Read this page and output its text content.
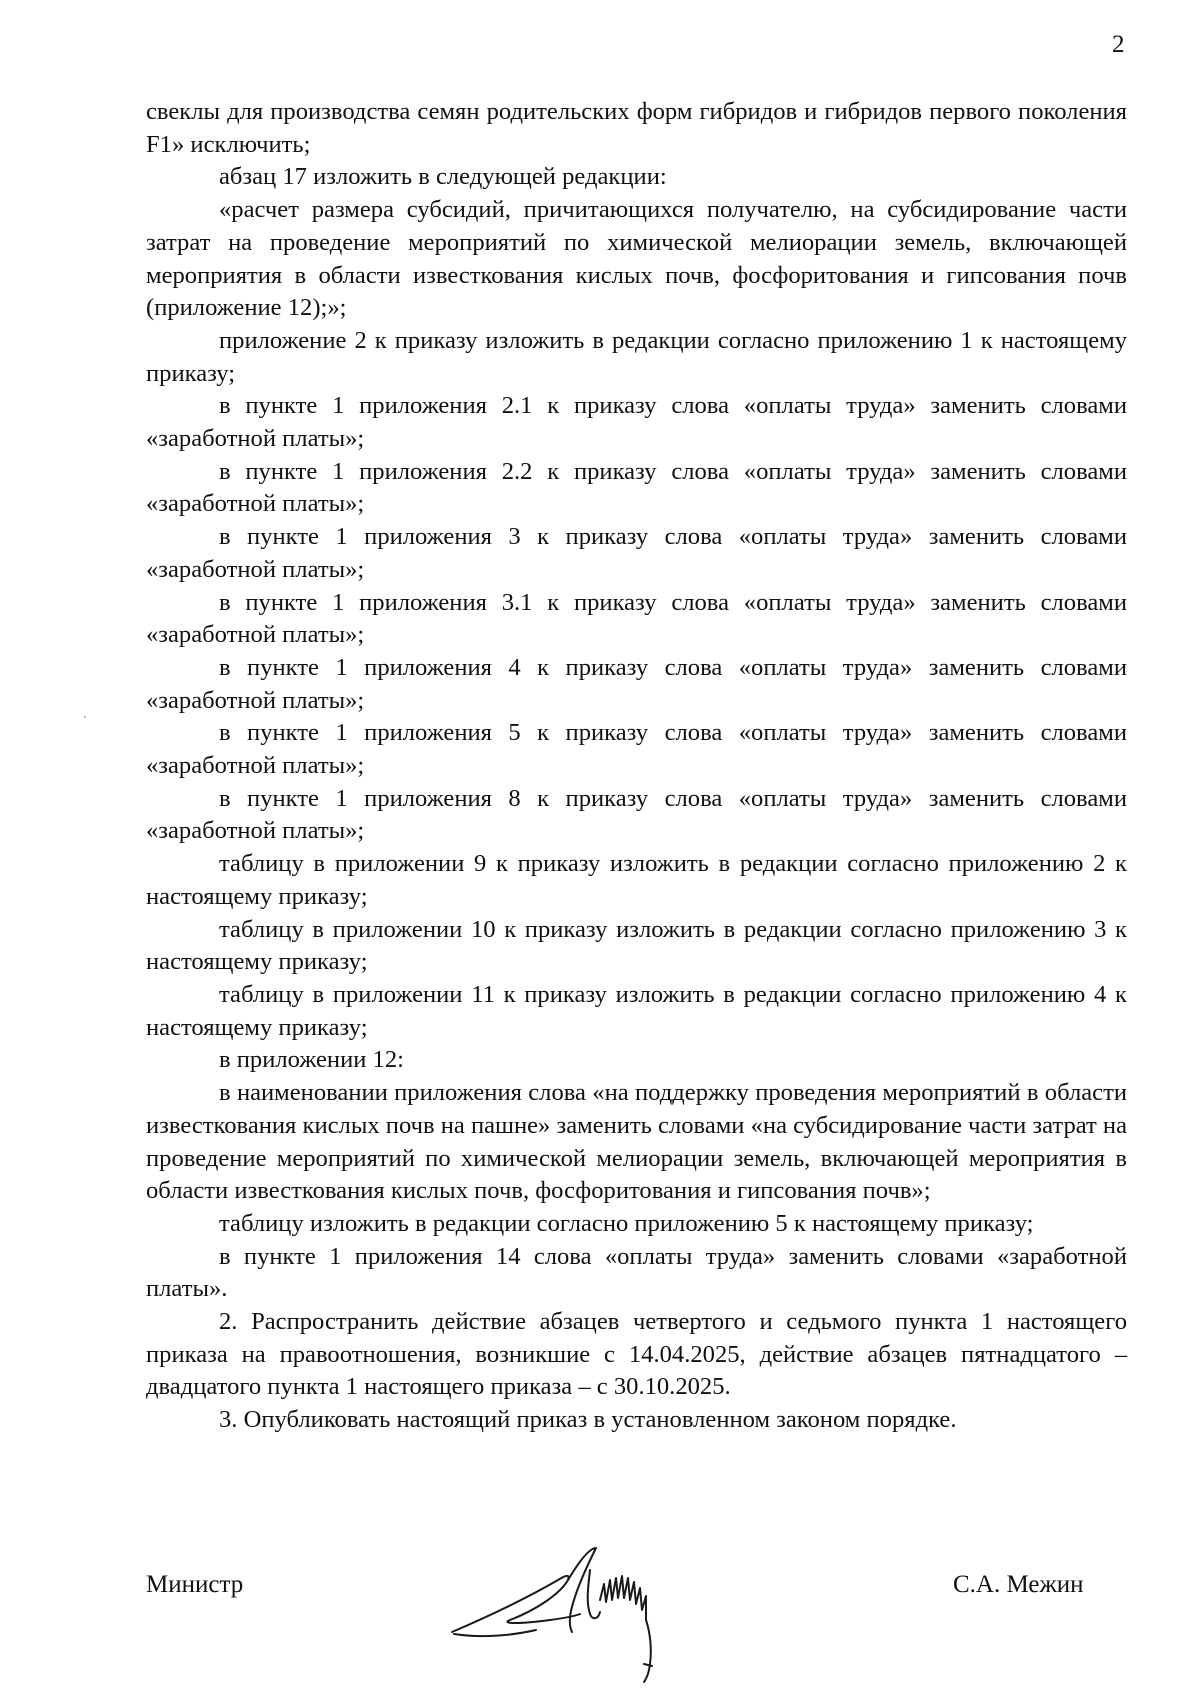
2

свеклы для производства семян родительских форм гибридов и гибридов первого поколения F1» исключить;

абзац 17 изложить в следующей редакции:

«расчет размера субсидий, причитающихся получателю, на субсидирование части затрат на проведение мероприятий по химической мелиорации земель, включающей мероприятия в области известкования кислых почв, фосфоритования и гипсования почв (приложение 12);»;

приложение 2 к приказу изложить в редакции согласно приложению 1 к настоящему приказу;

в пункте 1 приложения 2.1 к приказу слова «оплаты труда» заменить словами «заработной платы»;

в пункте 1 приложения 2.2 к приказу слова «оплаты труда» заменить словами «заработной платы»;

в пункте 1 приложения 3 к приказу слова «оплаты труда» заменить словами «заработной платы»;

в пункте 1 приложения 3.1 к приказу слова «оплаты труда» заменить словами «заработной платы»;

в пункте 1 приложения 4 к приказу слова «оплаты труда» заменить словами «заработной платы»;

в пункте 1 приложения 5 к приказу слова «оплаты труда» заменить словами «заработной платы»;

в пункте 1 приложения 8 к приказу слова «оплаты труда» заменить словами «заработной платы»;

таблицу в приложении 9 к приказу изложить в редакции согласно приложению 2 к настоящему приказу;

таблицу в приложении 10 к приказу изложить в редакции согласно приложению 3 к настоящему приказу;

таблицу в приложении 11 к приказу изложить в редакции согласно приложению 4 к настоящему приказу;

в приложении 12:

в наименовании приложения слова «на поддержку проведения мероприятий в области известкования кислых почв на пашне» заменить словами «на субсидирование части затрат на проведение мероприятий по химической мелиорации земель, включающей мероприятия в области известкования кислых почв, фосфоритования и гипсования почв»;

таблицу изложить в редакции согласно приложению 5 к настоящему приказу;

в пункте 1 приложения 14 слова «оплаты труда» заменить словами «заработной платы».

2. Распространить действие абзацев четвертого и седьмого пункта 1 настоящего приказа на правоотношения, возникшие с 14.04.2025, действие абзацев пятнадцатого – двадцатого пункта 1 настоящего приказа – с 30.10.2025.

3. Опубликовать настоящий приказ в установленном законом порядке.

Министр	С.А. Межин
